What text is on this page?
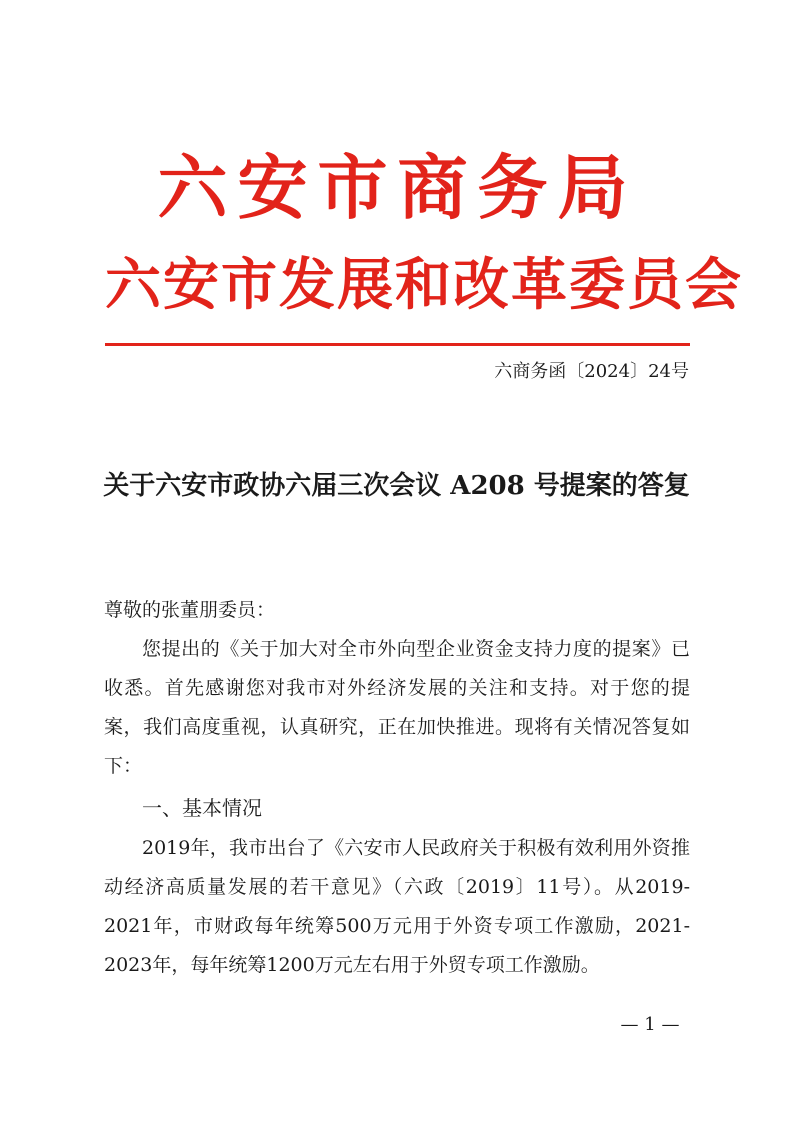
六安市商务局
六安市发展和改革委员会
六商务函〔2024〕24号
关于六安市政协六届三次会议 A208 号提案的答复
尊敬的张董朋委员：
您提出的《关于加大对全市外向型企业资金支持力度的提案》已收悉。首先感谢您对我市对外经济发展的关注和支持。对于您的提案，我们高度重视，认真研究，正在加快推进。现将有关情况答复如下：
一、基本情况
2019年，我市出台了《六安市人民政府关于积极有效利用外资推动经济高质量发展的若干意见》（六政〔2019〕11号）。从2019-2021年，市财政每年统筹500万元用于外资专项工作激励，2021-2023年，每年统筹1200万元左右用于外贸专项工作激励。
— 1 —
